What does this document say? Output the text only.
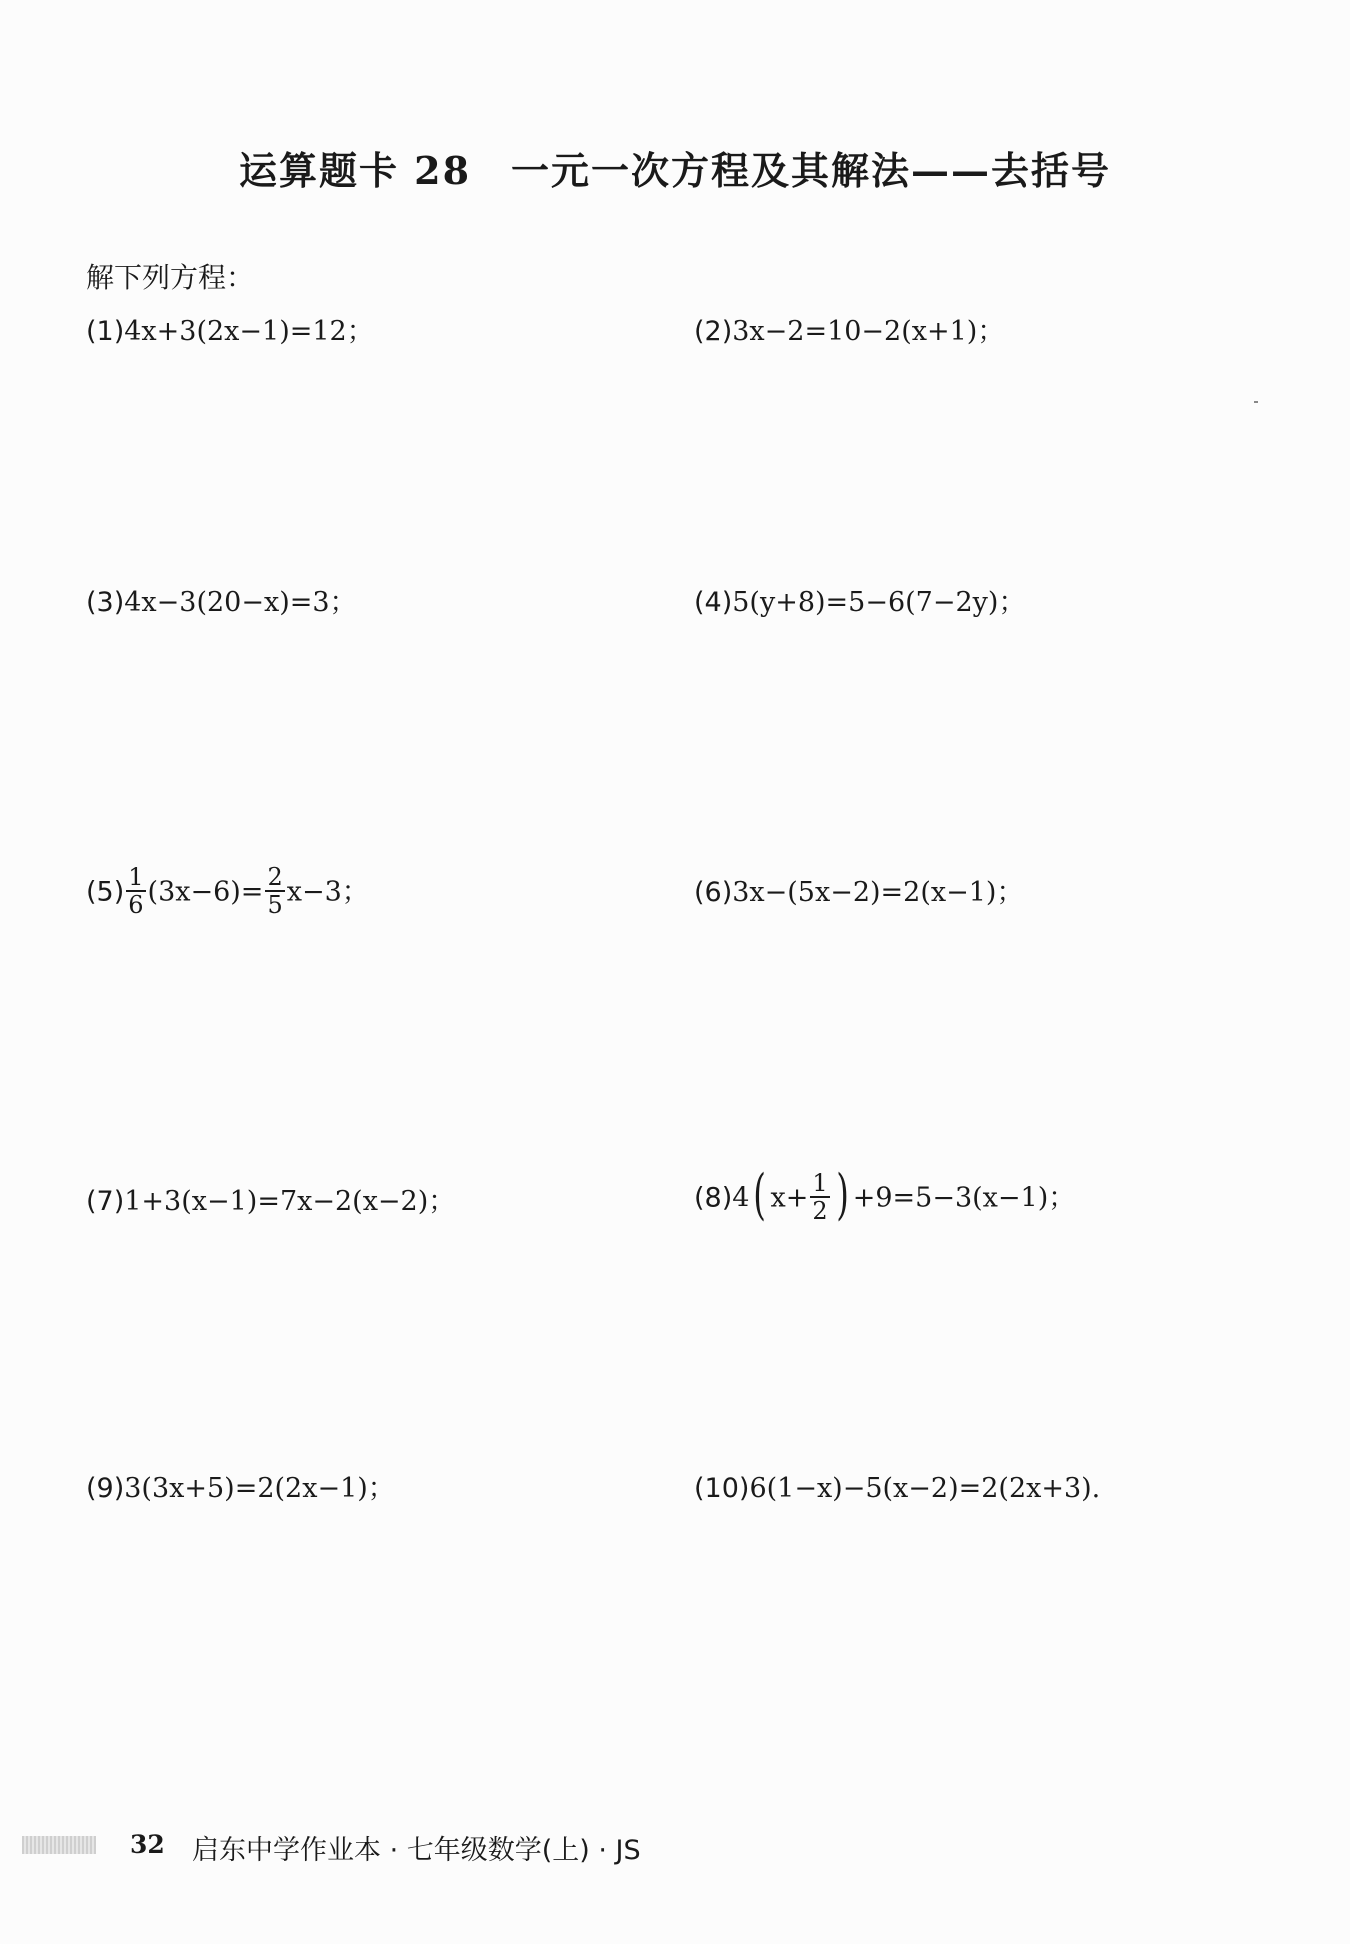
运算题卡 28　一元一次方程及其解法——去括号
解下列方程：
(1)4x+3(2x−1)=12；	(2)3x−2=10−2(x+1)；
(3)4x−3(20−x)=3；	(4)5(y+8)=5−6(7−2y)；
$(5) \frac{1}{6} (3x-6)= \frac{2}{5} x-3$；	(6)3x−(5x−2)=2(x−1)；
(7)1+3(x−1)=7x−2(x−2)；	(8)4( $x+ \frac{1}{2}$ ) +9=5−3(x−1)；
(9)3(3x+5)=2(2x−1)；	(10)6(1−x)−5(x−2)=2(2x+3).
32 启东中学作业本 · 七年级数学(上) · JS
